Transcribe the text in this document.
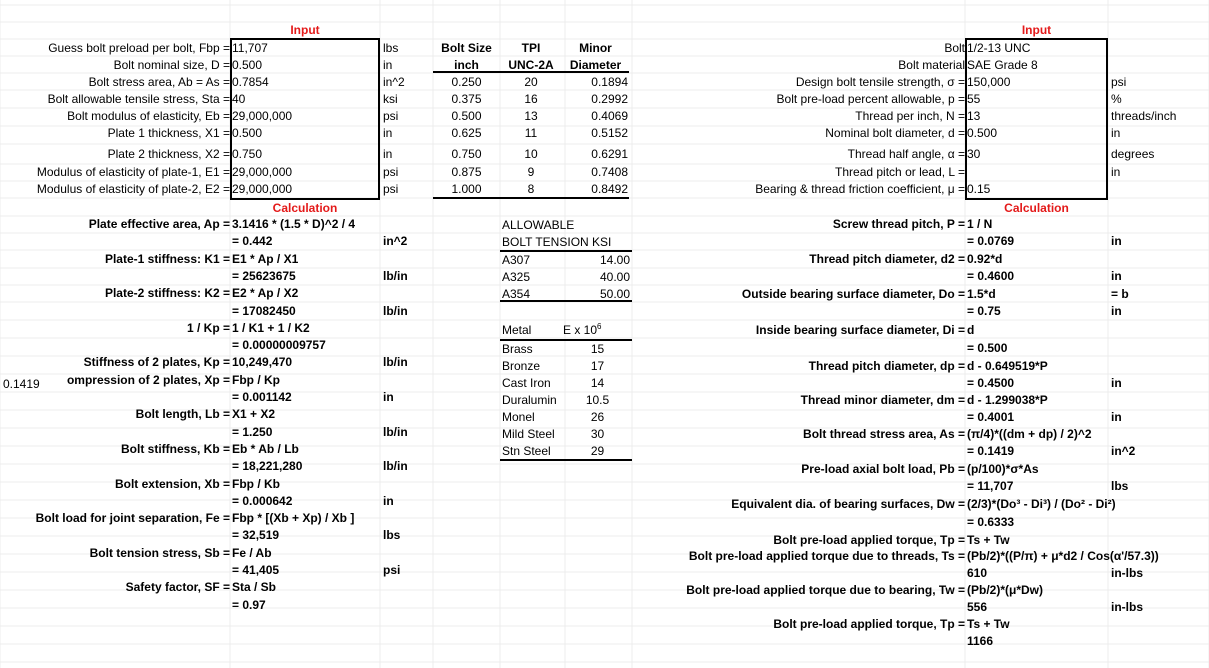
Input
Guess bolt preload per bolt, Fbp = 11,707	lbs
Bolt nominal size, D = 0.500	in
Bolt stress area, Ab = As = 0.7854	in^2
Bolt allowable tensile stress, Sta = 40	ksi
Bolt modulus of elasticity, Eb = 29,000,000	psi
Plate 1 thickness, X1 = 0.500	in
Plate 2 thickness, X2 = 0.750	in
Modulus of elasticity of plate-1, E1 = 29,000,000	psi
Modulus of elasticity of plate-2, E2 = 29,000,000	psi
Calculation
Plate effective area, Ap = 3.1416 * (1.5 * D)^2 / 4
= 0.442	in^2
Plate-1 stiffness: K1 = E1 * Ap / X1
= 25623675	lb/in
Plate-2 stiffness: K2 = E2 * Ap / X2
= 17082450	lb/in
1 / Kp = 1 / K1 + 1 / K2
= 0.00000009757
Stiffness of 2 plates, Kp = 10,249,470	lb/in
ompression of 2 plates, Xp = Fbp / Kp
= 0.001142	in
Bolt length, Lb = X1 + X2
= 1.250	lb/in
Bolt stiffness, Kb = Eb * Ab / Lb
= 18,221,280	lb/in
Bolt extension, Xb = Fbp / Kb
= 0.000642	in
Bolt load for joint separation, Fe = Fbp * [(Xb + Xp) / Xb ]
= 32,519	lbs
Bolt tension stress, Sb = Fe / Ab
= 41,405	psi
Safety factor, SF = Sta / Sb
= 0.97
0.1419
Bolt Size	TPI	Minor
inch	UNC-2A	Diameter
0.250	20	0.1894
0.375	16	0.2992
0.500	13	0.4069
0.625	11	0.5152
0.750	10	0.6291
0.875	9	0.7408
1.000	8	0.8492
ALLOWABLE
BOLT TENSION KSI
A307	14.00
A325	40.00
A354	50.00
Metal	E x $10^6$
Brass	15
Bronze	17
Cast Iron	14
Duralumin	10.5
Monel	26
Mild Steel	30
Stn Steel	29
Input
Bolt 1/2-13 UNC
Bolt material SAE Grade 8
Design bolt tensile strength, σ = 150,000	psi
Bolt pre-load percent allowable, p = 55	%
Thread per inch, N = 13	threads/inch
Nominal bolt diameter, d = 0.500	in
Thread half angle, α = 30	degrees
Thread pitch or lead, L =	in
Bearing & thread friction coefficient, μ = 0.15
Calculation
Screw thread pitch, P = 1 / N
= 0.0769	in
Thread pitch diameter, d2 = 0.92*d
= 0.4600	in
Outside bearing surface diameter, Do = 1.5*d	= b
= 0.75	in
Inside bearing surface diameter, Di = d
= 0.500
Thread pitch diameter, dp = d - 0.649519*P
= 0.4500	in
Thread minor diameter, dm = d - 1.299038*P
= 0.4001	in
Bolt thread stress area, As = (π/4)*((dm + dp) / 2)^2
= 0.1419	in^2
Pre-load axial bolt load, Pb = (p/100)*σ*As
= 11,707	lbs
Equivalent dia. of bearing surfaces, Dw = (2/3)*(Do³ - Di³) / (Do² - Di²)
= 0.6333
Bolt pre-load applied torque, Tp = Ts + Tw
Bolt pre-load applied torque due to threads, Ts = (Pb/2)*((P/π) + μ*d2 / Cos(α'/57.3))
610	in-lbs
Bolt pre-load applied torque due to bearing, Tw = (Pb/2)*(μ*Dw)
556	in-lbs
Bolt pre-load applied torque, Tp = Ts + Tw
1166
